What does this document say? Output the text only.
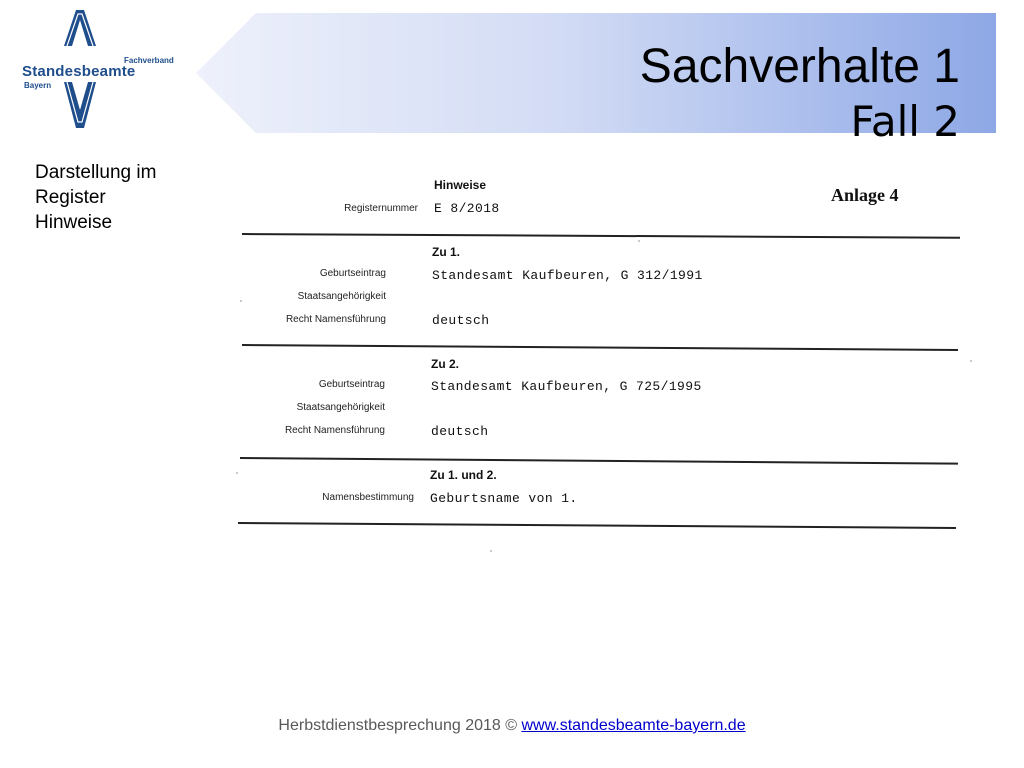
Fachverband
Standesbeamte
Bayern	Sachverhalte 1
Fall 2
Darstellung im
Register
Hinweise
Hinweise	Anlage 4
Registernummer E 8/2018
Zu 1.
Geburtseintrag	Standesamt Kaufbeuren, G 312/1991
Staatsangehörigkeit
Recht Namensführung	deutsch
Zu 2.
Geburtseintrag	Standesamt Kaufbeuren, G 725/1995
Staatsangehörigkeit
Recht Namensführung	deutsch
Zu 1. und 2.
Namensbestimmung Geburtsname von 1.
Herbstdienstbesprechung 2018 © www.standesbeamte-bayern.de
